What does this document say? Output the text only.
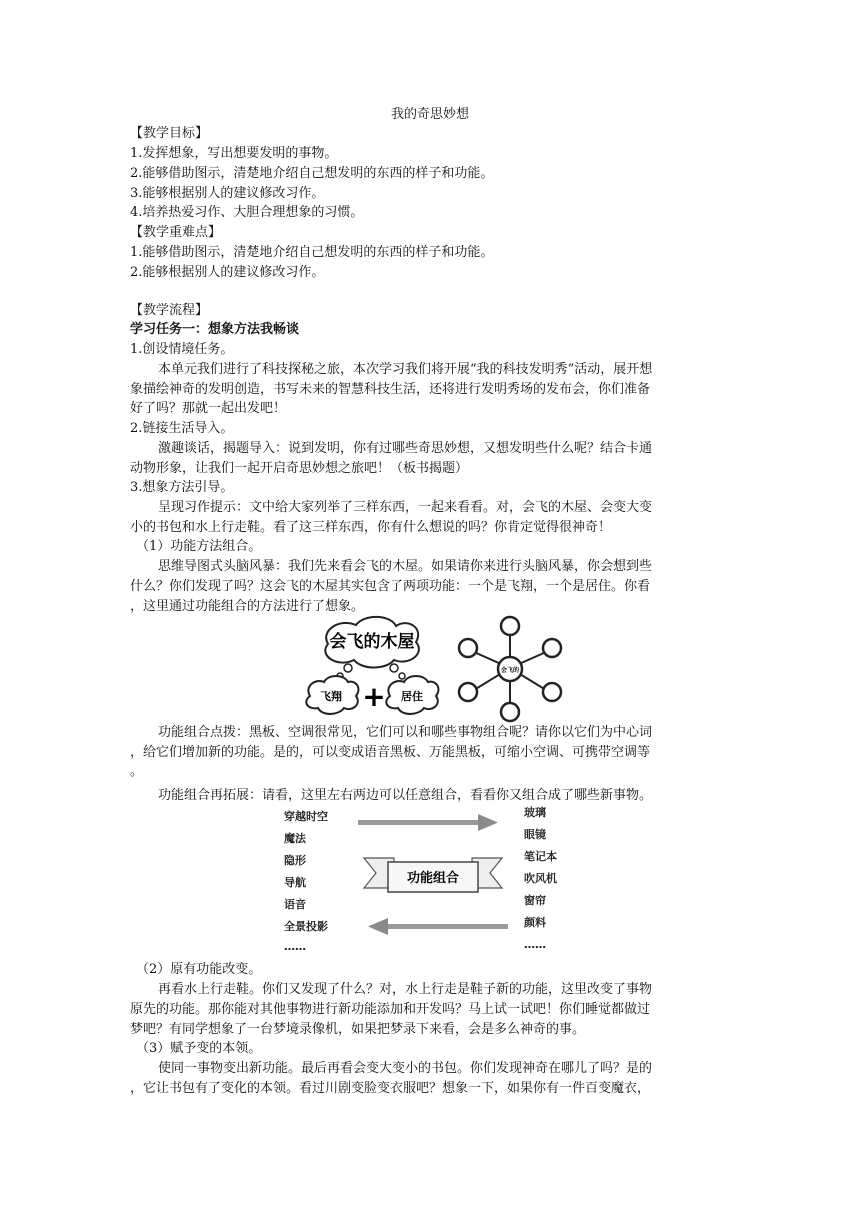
我的奇思妙想
【教学目标】
1.发挥想象，写出想要发明的事物。
2.能够借助图示，清楚地介绍自己想发明的东西的样子和功能。
3.能够根据别人的建议修改习作。
4.培养热爱习作、大胆合理想象的习惯。
【教学重难点】
1.能够借助图示，清楚地介绍自己想发明的东西的样子和功能。
2.能够根据别人的建议修改习作。
【教学流程】
学习任务一：想象方法我畅谈
1.创设情境任务。
本单元我们进行了科技探秘之旅，本次学习我们将开展“我的科技发明秀”活动，展开想
象描绘神奇的发明创造，书写未来的智慧科技生活，还将进行发明秀场的发布会，你们准备
好了吗？那就一起出发吧！
2.链接生活导入。
激趣谈话，揭题导入：说到发明，你有过哪些奇思妙想，又想发明些什么呢？结合卡通
动物形象，让我们一起开启奇思妙想之旅吧！（板书揭题）
3.想象方法引导。
呈现习作提示：文中给大家列举了三样东西，一起来看看。对，会飞的木屋、会变大变
小的书包和水上行走鞋。看了这三样东西，你有什么想说的吗？你肯定觉得很神奇！
（1）功能方法组合。
思维导图式头脑风暴：我们先来看会飞的木屋。如果请你来进行头脑风暴，你会想到些
什么？你们发现了吗？这会飞的木屋其实包含了两项功能：一个是飞翔，一个是居住。你看
，这里通过功能组合的方法进行了想象。
会飞的木屋
飞翔 + 居住
会飞的
功能组合点拨：黑板、空调很常见，它们可以和哪些事物组合呢？请你以它们为中心词
，给它们增加新的功能。是的，可以变成语音黑板、万能黑板，可缩小空调、可携带空调等
。
功能组合再拓展：请看，这里左右两边可以任意组合，看看你又组合成了哪些新事物。
穿越时空
魔法
隐形
导航
语音
全景投影
……
玻璃
眼镜
笔记本
吹风机
窗帘
颜料
……
功能组合
（2）原有功能改变。
再看水上行走鞋。你们又发现了什么？对，水上行走是鞋子新的功能，这里改变了事物
原先的功能。那你能对其他事物进行新功能添加和开发吗？马上试一试吧！你们睡觉都做过
梦吧？有同学想象了一台梦境录像机，如果把梦录下来看，会是多么神奇的事。
（3）赋予变的本领。
使同一事物变出新功能。最后再看会变大变小的书包。你们发现神奇在哪儿了吗？是的
，它让书包有了变化的本领。看过川剧变脸变衣服吧？想象一下，如果你有一件百变魔衣，
